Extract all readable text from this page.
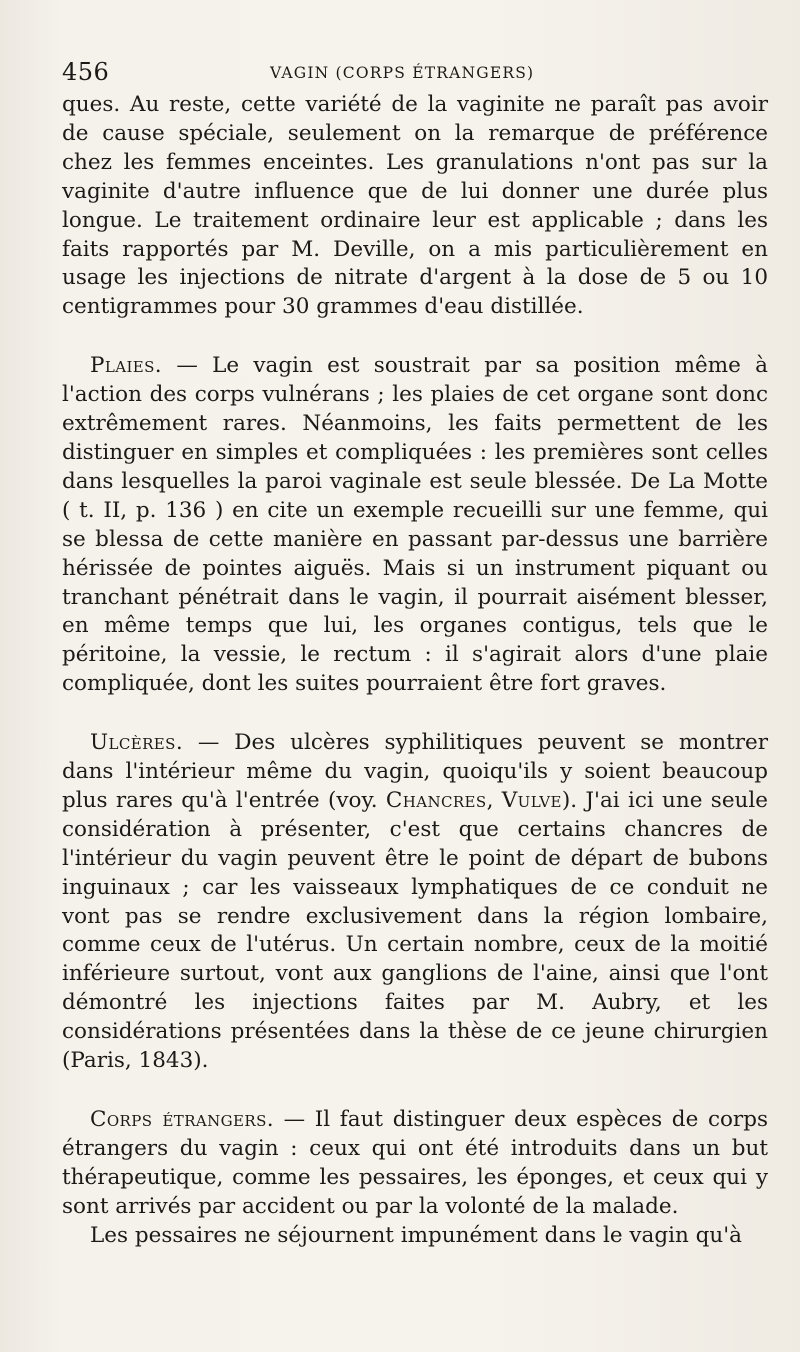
456	VAGIN (CORPS ÉTRANGERS)

ques. Au reste, cette variété de la vaginite ne paraît pas avoir de cause spéciale, seulement on la remarque de préférence chez les femmes enceintes. Les granulations n'ont pas sur la vaginite d'autre influence que de lui donner une durée plus longue. Le traitement ordinaire leur est applicable ; dans les faits rapportés par M. Deville, on a mis particulièrement en usage les injections de nitrate d'argent à la dose de 5 ou 10 centigrammes pour 30 grammes d'eau distillée.

Plaies. — Le vagin est soustrait par sa position même à l'action des corps vulnérans ; les plaies de cet organe sont donc extrêmement rares. Néanmoins, les faits permettent de les distinguer en simples et compliquées : les premières sont celles dans lesquelles la paroi vaginale est seule blessée. De La Motte ( t. II, p. 136 ) en cite un exemple recueilli sur une femme, qui se blessa de cette manière en passant par-dessus une barrière hérissée de pointes aiguës. Mais si un instrument piquant ou tranchant pénétrait dans le vagin, il pourrait aisément blesser, en même temps que lui, les organes contigus, tels que le péritoine, la vessie, le rectum : il s'agirait alors d'une plaie compliquée, dont les suites pourraient être fort graves.

Ulcères. — Des ulcères syphilitiques peuvent se montrer dans l'intérieur même du vagin, quoiqu'ils y soient beaucoup plus rares qu'à l'entrée (voy. Chancres, Vulve). J'ai ici une seule considération à présenter, c'est que certains chancres de l'intérieur du vagin peuvent être le point de départ de bubons inguinaux ; car les vaisseaux lymphatiques de ce conduit ne vont pas se rendre exclusivement dans la région lombaire, comme ceux de l'utérus. Un certain nombre, ceux de la moitié inférieure surtout, vont aux ganglions de l'aine, ainsi que l'ont démontré les injections faites par M. Aubry, et les considérations présentées dans la thèse de ce jeune chirurgien (Paris, 1843).

Corps étrangers. — Il faut distinguer deux espèces de corps étrangers du vagin : ceux qui ont été introduits dans un but thérapeutique, comme les pessaires, les éponges, et ceux qui y sont arrivés par accident ou par la volonté de la malade.

Les pessaires ne séjournent impunément dans le vagin qu'à
